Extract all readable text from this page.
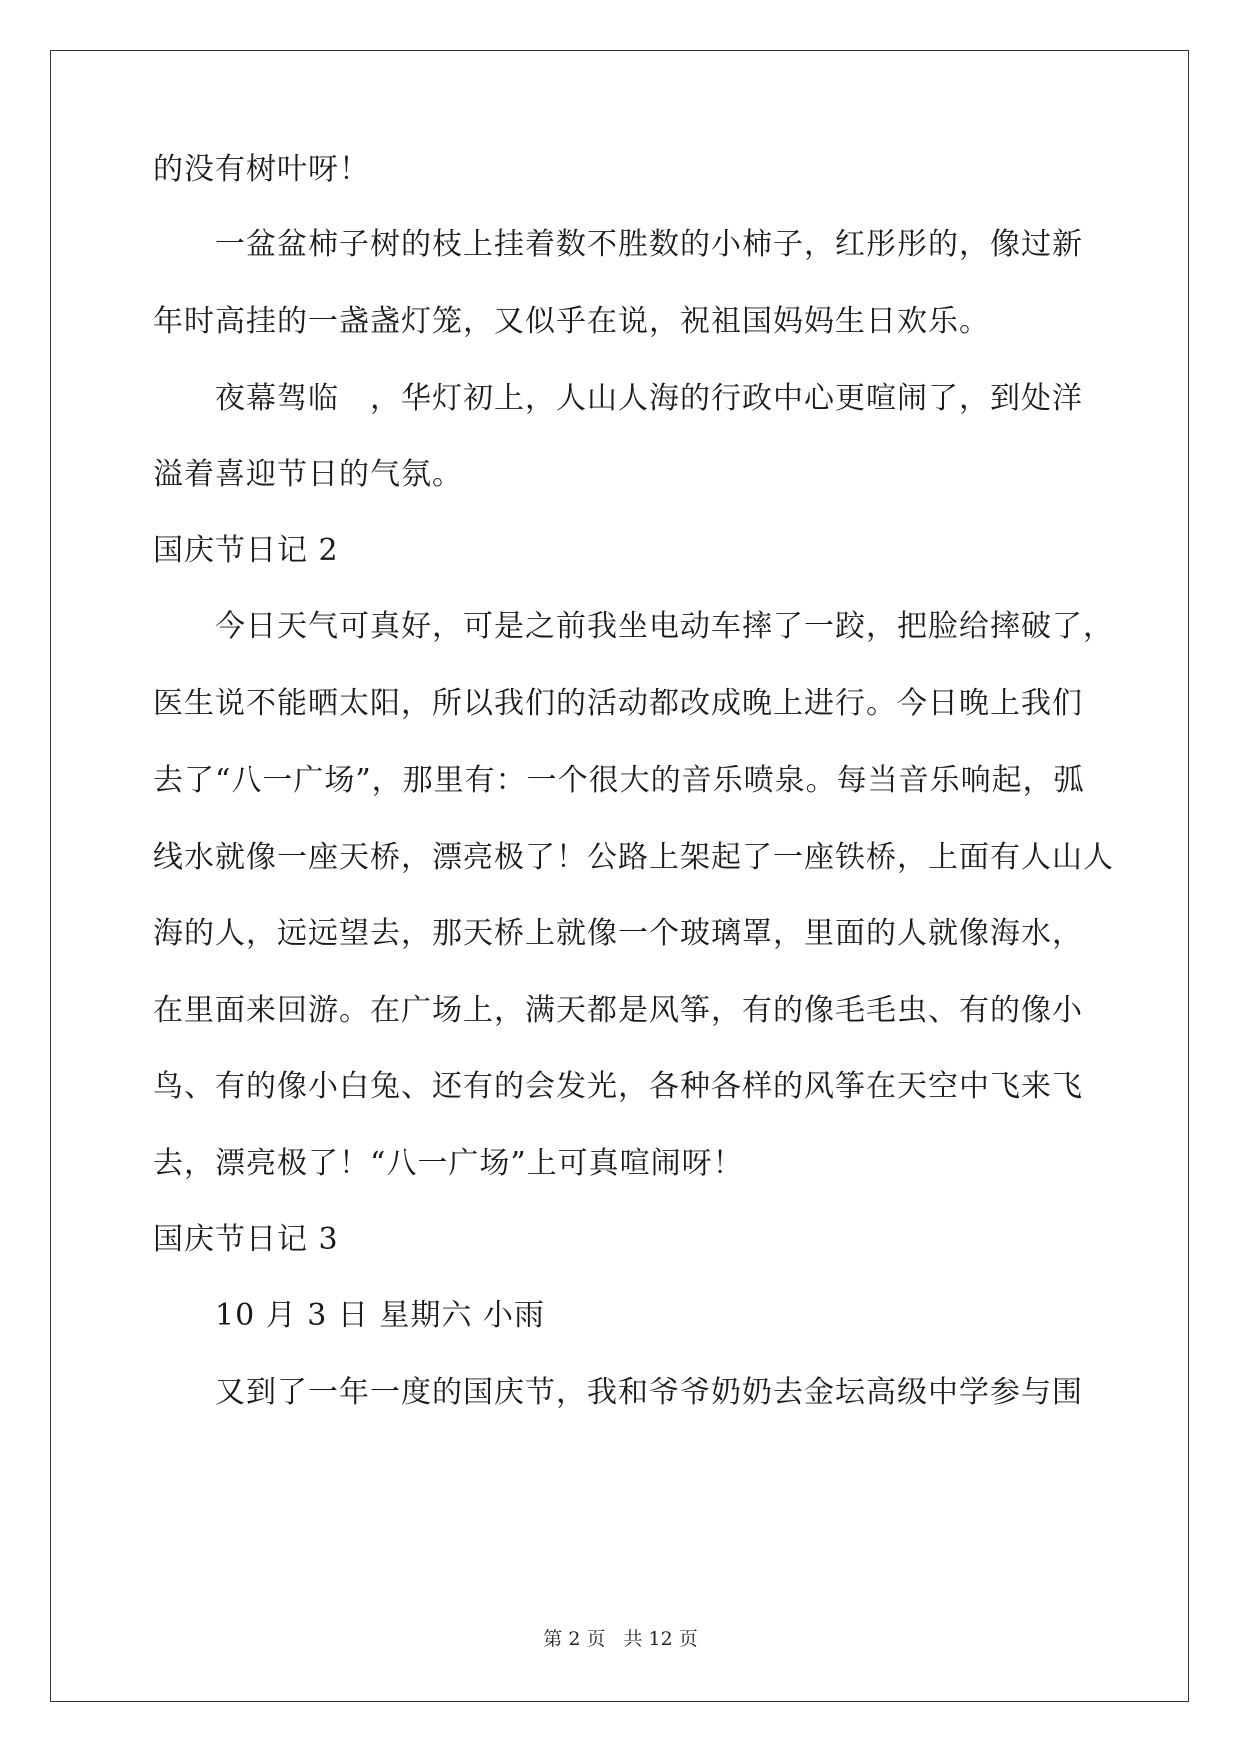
的没有树叶呀！
一盆盆柿子树的枝上挂着数不胜数的小柿子，红彤彤的，像过新
年时高挂的一盏盏灯笼，又似乎在说，祝祖国妈妈生日欢乐。
夜幕驾临　，华灯初上，人山人海的行政中心更喧闹了，到处洋
溢着喜迎节日的气氛。
国庆节日记 2
今日天气可真好，可是之前我坐电动车摔了一跤，把脸给摔破了，
医生说不能晒太阳，所以我们的活动都改成晚上进行。今日晚上我们
去了“八一广场”，那里有：一个很大的音乐喷泉。每当音乐响起，弧
线水就像一座天桥，漂亮极了！公路上架起了一座铁桥，上面有人山人
海的人，远远望去，那天桥上就像一个玻璃罩，里面的人就像海水，
在里面来回游。在广场上，满天都是风筝，有的像毛毛虫、有的像小
鸟、有的像小白兔、还有的会发光，各种各样的风筝在天空中飞来飞
去，漂亮极了！“八一广场”上可真喧闹呀！
国庆节日记 3
10 月 3 日 星期六 小雨
又到了一年一度的国庆节，我和爷爷奶奶去金坛高级中学参与围
第 2 页 共 12 页
